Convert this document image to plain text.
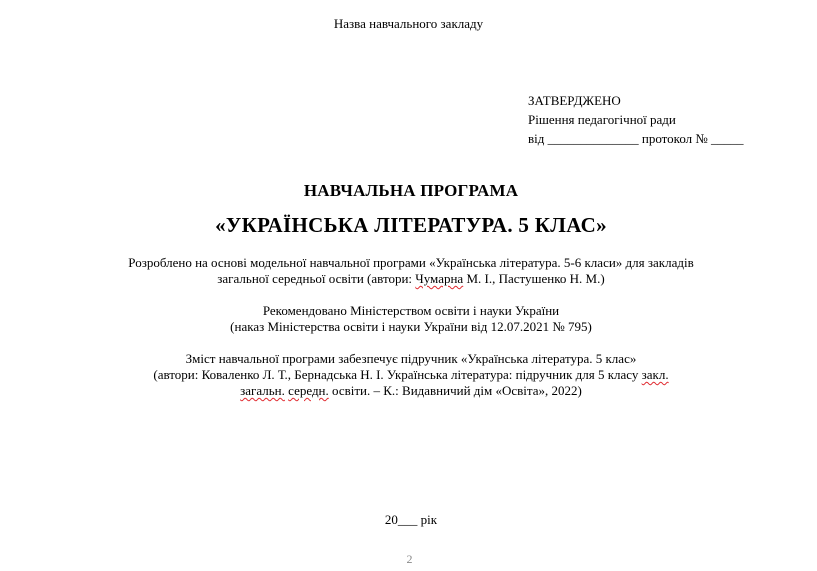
Назва навчального закладу
ЗАТВЕРДЖЕНО
Рішення педагогічної ради
від ______________ протокол № _____
НАВЧАЛЬНА ПРОГРАМА
«УКРАЇНСЬКА ЛІТЕРАТУРА. 5 КЛАС»
Розроблено на основі модельної навчальної програми «Українська література. 5-6 класи» для закладів
загальної середньої освіти (автори: Чумарна М. І., Пастушенко Н. М.)
Рекомендовано Міністерством освіти і науки України
(наказ Міністерства освіти і науки України від 12.07.2021 № 795)
Зміст навчальної програми забезпечує підручник «Українська література. 5 клас»
(автори: Коваленко Л. Т., Бернадська Н. І. Українська література: підручник для 5 класу закл.
загальн. середн. освіти. – К.: Видавничий дім «Освіта», 2022)
20___ рік
2
